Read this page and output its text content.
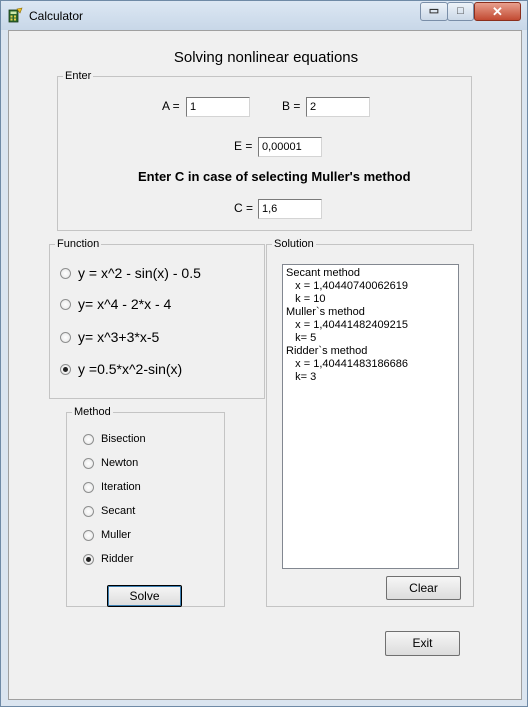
Calculator	▭	□	✕
Solving nonlinear equations
Enter
A = 1	B = 2
E = 0,00001
Enter C in case of selecting Muller's method
C = 1,6
Function
y = x^2 - sin(x) - 0.5
y= x^4 - 2*x - 4
y= x^3+3*x-5
y =0.5*x^2-sin(x)
Method
Bisection
Newton
Iteration
Secant
Muller
Ridder
Solve
Solution
Secant method
x = 1,40440740062619
k = 10
Muller`s method
x = 1,40441482409215
k= 5
Ridder`s method
x = 1,40441483186686
k= 3
Clear
Exit
